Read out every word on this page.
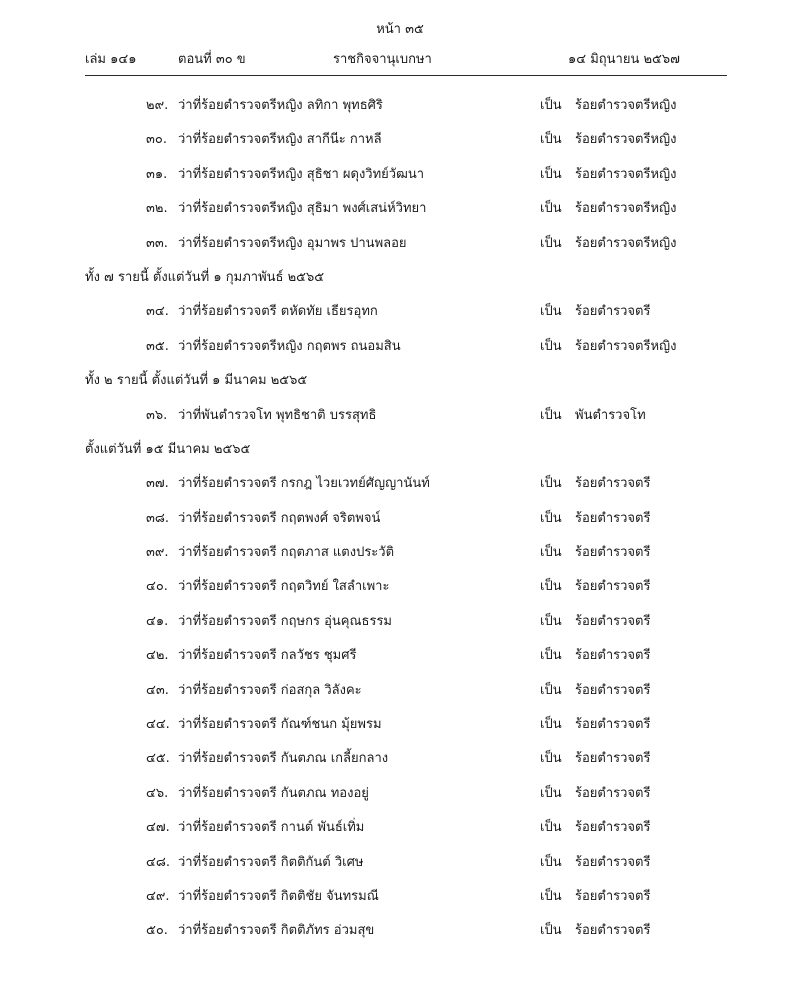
หน้า ๓๕
เล่ม ๑๔๑	ตอนที่ ๓๐ ข	ราชกิจจานุเบกษา	๑๔ มิถุนายน ๒๕๖๗
๒๙. ว่าที่ร้อยตำรวจตรีหญิง ลทิกา พุทธศิริ	เป็น ร้อยตำรวจตรีหญิง
๓๐. ว่าที่ร้อยตำรวจตรีหญิง สากีนีะ กาหลี	เป็น ร้อยตำรวจตรีหญิง
๓๑. ว่าที่ร้อยตำรวจตรีหญิง สุธิชา ผดุงวิทย์วัฒนา	เป็น ร้อยตำรวจตรีหญิง
๓๒. ว่าที่ร้อยตำรวจตรีหญิง สุธิมา พงศ์เสน่ห์วิทยา	เป็น ร้อยตำรวจตรีหญิง
๓๓. ว่าที่ร้อยตำรวจตรีหญิง อุมาพร ปานพลอย	เป็น ร้อยตำรวจตรีหญิง
ทั้ง ๗ รายนี้ ตั้งแต่วันที่ ๑ กุมภาพันธ์ ๒๕๖๕
๓๔. ว่าที่ร้อยตำรวจตรี ตหัดทัย เธียรอุทก	เป็น ร้อยตำรวจตรี
๓๕. ว่าที่ร้อยตำรวจตรีหญิง กฤตพร ถนอมสิน	เป็น ร้อยตำรวจตรีหญิง
ทั้ง ๒ รายนี้ ตั้งแต่วันที่ ๑ มีนาคม ๒๕๖๕
๓๖. ว่าที่พันตำรวจโท พุทธิชาติ บรรสุทธิ	เป็น พันตำรวจโท
ตั้งแต่วันที่ ๑๕ มีนาคม ๒๕๖๕
๓๗. ว่าที่ร้อยตำรวจตรี กรกฎ ไวยเวทย์ศัญญานันท์	เป็น ร้อยตำรวจตรี
๓๘. ว่าที่ร้อยตำรวจตรี กฤตพงศ์ จริตพจน์	เป็น ร้อยตำรวจตรี
๓๙. ว่าที่ร้อยตำรวจตรี กฤตภาส แตงประวัติ	เป็น ร้อยตำรวจตรี
๔๐. ว่าที่ร้อยตำรวจตรี กฤตวิทย์ ใสลำเพาะ	เป็น ร้อยตำรวจตรี
๔๑. ว่าที่ร้อยตำรวจตรี กฤษกร อุ่นคุณธรรม	เป็น ร้อยตำรวจตรี
๔๒. ว่าที่ร้อยตำรวจตรี กลวัชร ชุมศรี	เป็น ร้อยตำรวจตรี
๔๓. ว่าที่ร้อยตำรวจตรี ก่อสกุล วิลังคะ	เป็น ร้อยตำรวจตรี
๔๔. ว่าที่ร้อยตำรวจตรี กัณฑ์ชนก มุ้ยพรม	เป็น ร้อยตำรวจตรี
๔๕. ว่าที่ร้อยตำรวจตรี กันตภณ เกลี้ยกลาง	เป็น ร้อยตำรวจตรี
๔๖. ว่าที่ร้อยตำรวจตรี กันตภณ ทองอยู่	เป็น ร้อยตำรวจตรี
๔๗. ว่าที่ร้อยตำรวจตรี กานต์ พันธ์เทิ่ม	เป็น ร้อยตำรวจตรี
๔๘. ว่าที่ร้อยตำรวจตรี กิตติกันต์ วิเศษ	เป็น ร้อยตำรวจตรี
๔๙. ว่าที่ร้อยตำรวจตรี กิตติชัย จันทรมณี	เป็น ร้อยตำรวจตรี
๕๐. ว่าที่ร้อยตำรวจตรี กิตติภัทร อ่วมสุข	เป็น ร้อยตำรวจตรี
